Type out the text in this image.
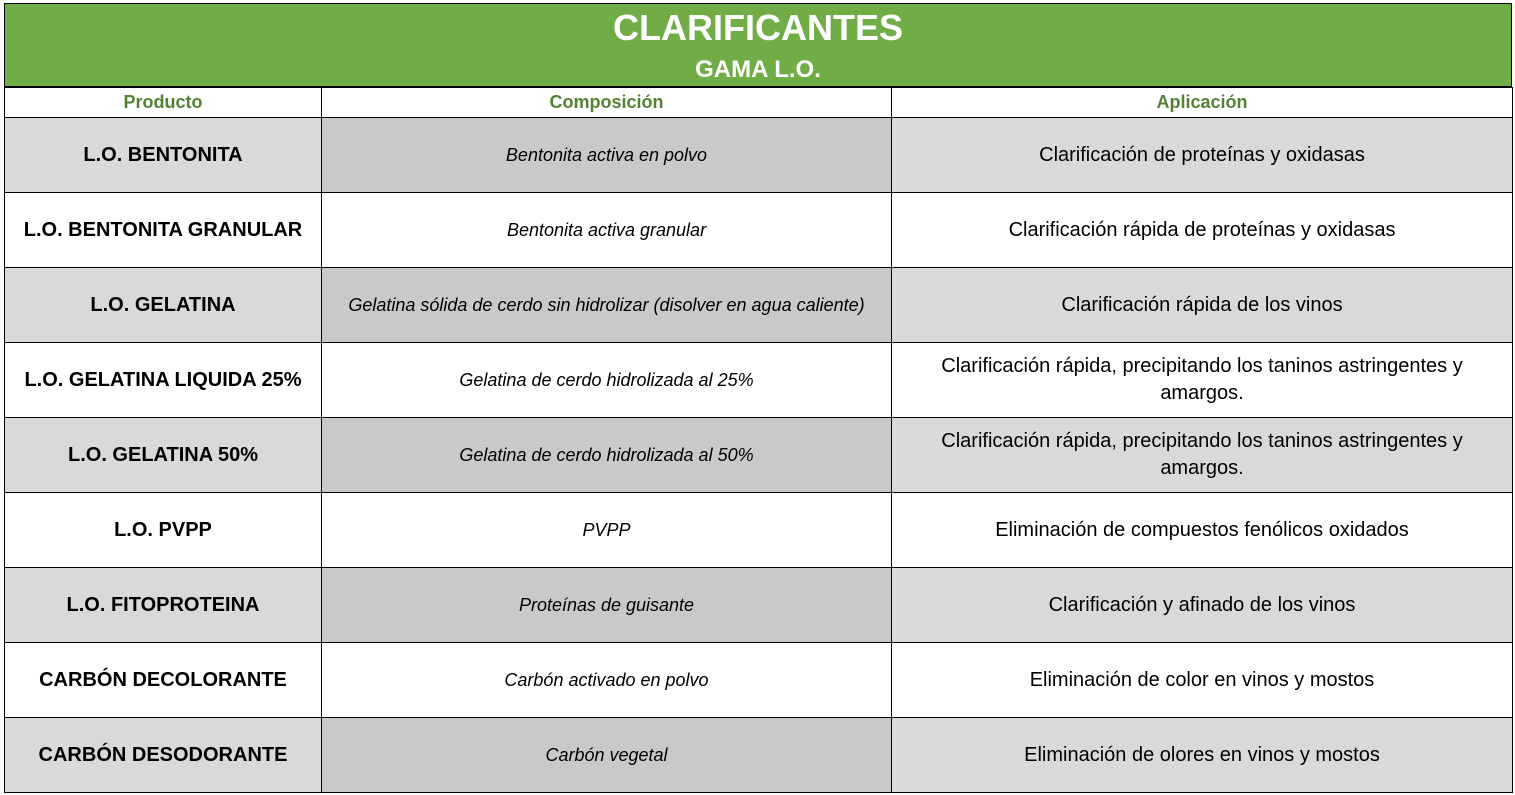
CLARIFICANTES
GAMA L.O.
Producto	Composición	Aplicación
L.O. BENTONITA	Bentonita activa en polvo	Clarificación de proteínas y oxidasas
L.O. BENTONITA GRANULAR	Bentonita activa granular	Clarificación rápida de proteínas y oxidasas
L.O. GELATINA	Gelatina sólida de cerdo sin hidrolizar (disolver en agua caliente)	Clarificación rápida de los vinos
L.O. GELATINA LIQUIDA 25%	Gelatina de cerdo hidrolizada al 25%	Clarificación rápida, precipitando los taninos astringentes y amargos.
L.O. GELATINA 50%	Gelatina de cerdo hidrolizada al 50%	Clarificación rápida, precipitando los taninos astringentes y amargos.
L.O. PVPP	PVPP	Eliminación de compuestos fenólicos oxidados
L.O. FITOPROTEINA	Proteínas de guisante	Clarificación y afinado de los vinos
CARBÓN DECOLORANTE	Carbón activado en polvo	Eliminación de color en vinos y mostos
CARBÓN DESODORANTE	Carbón vegetal	Eliminación de olores en vinos y mostos
